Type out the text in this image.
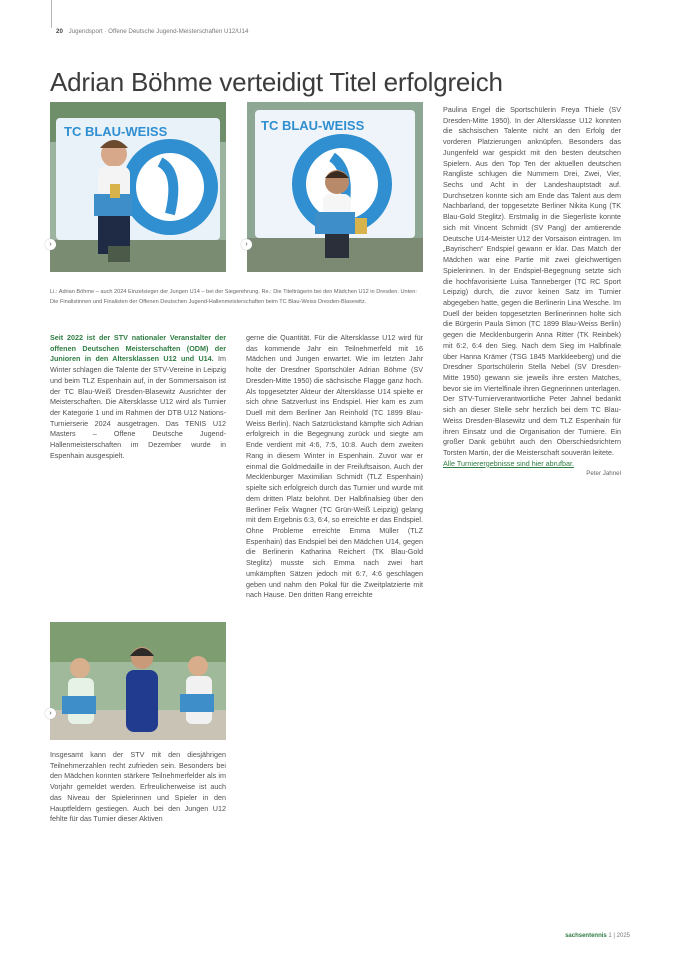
20 Jugendsport · Offene Deutsche Jugend-Meisterschaften U12/U14
Adrian Böhme verteidigt Titel erfolgreich
TC BLAU-WEISS
›
TC BLAU-WEISS
›

Li.: Adrian Böhme – auch 2024 Einzelsieger der Jungen U14 – bei der Siegerehrung. Re.: Die Titelträgerin bei den Mädchen U12 in Dresden. Unten: Die Finalistinnen und Finalisten der Offenen Deutschen Jugend-Hallenmeisterschaften beim TC Blau-Weiss Dresden-Blasewitz.

Seit 2022 ist der STV nationaler Veranstalter der offenen Deutschen Meisterschaften (ODM) der Junioren in den Altersklassen U12 und U14. Im Winter schlagen die Talente der STV-Vereine in Leipzig und beim TLZ Espenhain auf, in der Sommersaison ist der TC Blau-Weiß Dresden-Blasewitz Ausrichter der Meisterschaften. Die Altersklasse U12 wird als Turnier der Kategorie 1 und im Rahmen der DTB U12 Nations-Turnierserie 2024 ausgetragen. Das TENIS U12 Masters – Offene Deutsche Jugend-Hallenmeisterschaften im Dezember wurde in Espenhain ausgespielt.

›

Insgesamt kann der STV mit den diesjährigen Teilnehmerzahlen recht zufrieden sein. Besonders bei den Mädchen konnten stärkere Teilnehmerfelder als im Vorjahr gemeldet werden. Erfreulicherweise ist auch das Niveau der Spielerinnen und Spieler in den Hauptfeldern gestiegen. Auch bei den Jungen U12 fehlte für das Turnier dieser Aktiven

gerne die Quantität. Für die Altersklasse U12 wird für das kommende Jahr ein Teilnehmerfeld mit 16 Mädchen und Jungen erwartet. Wie im letzten Jahr holte der Dresdner Sportschüler Adrian Böhme (SV Dresden-Mitte 1950) die sächsische Flagge ganz hoch. Als topgesetzter Akteur der Altersklasse U14 spielte er sich ohne Satzverlust ins Endspiel. Hier kam es zum Duell mit dem Berliner Jan Reinhold (TC 1899 Blau-Weiss Berlin). Nach Satzrückstand kämpfte sich Adrian erfolgreich in die Begegnung zurück und siegte am Ende verdient mit 4:6, 7:5, 10:8. Auch dem zweiten Rang in diesem Winter in Espenhain. Zuvor war er einmal die Goldmedaille in der Freiluftsaison. Auch der Mecklenburger Maximilian Schmidt (TLZ Espenhain) spielte sich erfolgreich durch das Turnier und wurde mit dem dritten Platz belohnt. Der Halbfinalsieg über den Berliner Felix Wagner (TC Grün-Weiß Leipzig) gelang mit dem Ergebnis 6:3, 6:4, so erreichte er das Endspiel. Ohne Probleme erreichte Emma Müller (TLZ Espenhain) das Endspiel bei den Mädchen U14, gegen die Berlinerin Katharina Reichert (TK Blau-Gold Steglitz) musste sich Emma nach zwei hart umkämpften Sätzen jedoch mit 6:7, 4:6 geschlagen geben und nahm den Pokal für die Zweitplatzierte mit nach Hause. Den dritten Rang erreichte

Paulina Engel die Sportschülerin Freya Thiele (SV Dresden-Mitte 1950). In der Altersklasse U12 konnten die sächsischen Talente nicht an den Erfolg der vorderen Platzierungen anknüpfen. Besonders das Jungenfeld war gespickt mit den besten deutschen Spielern. Aus den Top Ten der aktuellen deutschen Rangliste schlugen die Nummern Drei, Zwei, Vier, Sechs und Acht in der Landeshauptstadt auf. Durchsetzen konnte sich am Ende das Talent aus dem Nachbarland, der topgesetzte Berliner Nikita Kung (TK Blau-Gold Steglitz). Erstmalig in die Siegerliste konnte sich mit Vincent Schmidt (SV Pang) der amtierende Deutsche U14-Meister U12 der Vorsaison eintragen. Im „Bayrischen“ Endspiel gewann er klar. Das Match der Mädchen war eine Partie mit zwei gleichwertigen Spielerinnen. In der Endspiel-Begegnung setzte sich die hochfavorisierte Luisa Tanneberger (TC RC Sport Leipzig) durch, die zuvor keinen Satz im Turnier abgegeben hatte, gegen die Berlinerin Lina Wesche. Im Duell der beiden topgesetzten Berlinerinnen holte sich die Bürgerin Paula Simon (TC 1899 Blau-Weiss Berlin) gegen die Mecklenburgerin Anna Ritter (TK Reinbek) mit 6:2, 6:4 den Sieg. Nach dem Sieg im Halbfinale über Hanna Krämer (TSG 1845 Markkleeberg) und die Dresdner Sportschülerin Stella Nebel (SV Dresden-Mitte 1950) gewann sie jeweils ihre ersten Matches, bevor sie im Viertelfinale ihren Gegnerinnen unterlagen.

Der STV-Turnierverantwortliche Peter Jahnel bedankt sich an dieser Stelle sehr herzlich bei dem TC Blau-Weiss Dresden-Blasewitz und dem TLZ Espenhain für ihren Einsatz und die Organisation der Turniere. Ein großer Dank gebührt auch den Oberschiedsrichtern Torsten Martin, der die Meisterschaft souverän leitete.

Alle Turnierergebnisse sind hier abrufbar.

Peter Jahnel

sachsentennis 1 | 2025
